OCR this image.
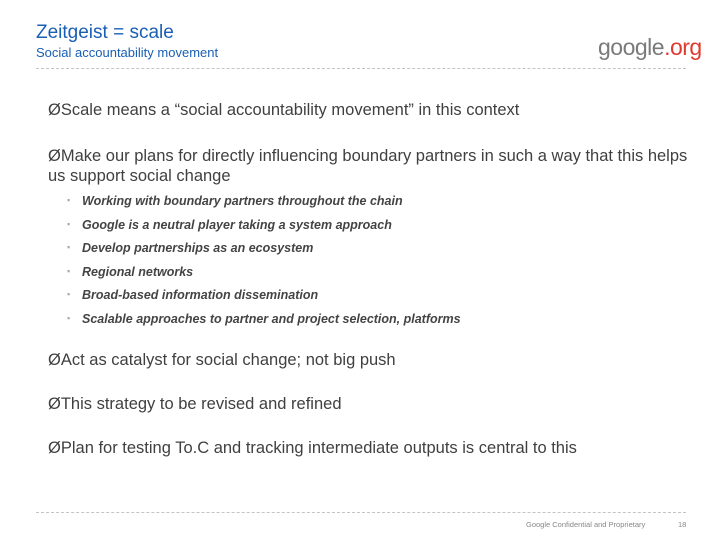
Zeitgeist = scale
Social accountability movement	google.org
ØScale means a “social accountability movement” in this context
ØMake our plans for directly influencing boundary partners in such a way that this helps us support social change
▪ Working with boundary partners throughout the chain
▪ Google is a neutral player taking a system approach
▪ Develop partnerships as an ecosystem
▪ Regional networks
▪ Broad-based information dissemination
▪ Scalable approaches to partner and project selection, platforms
ØAct as catalyst for social change; not big push
ØThis strategy to be revised and refined
ØPlan for testing To.C and tracking intermediate outputs is central to this
Google Confidential and Proprietary	18
